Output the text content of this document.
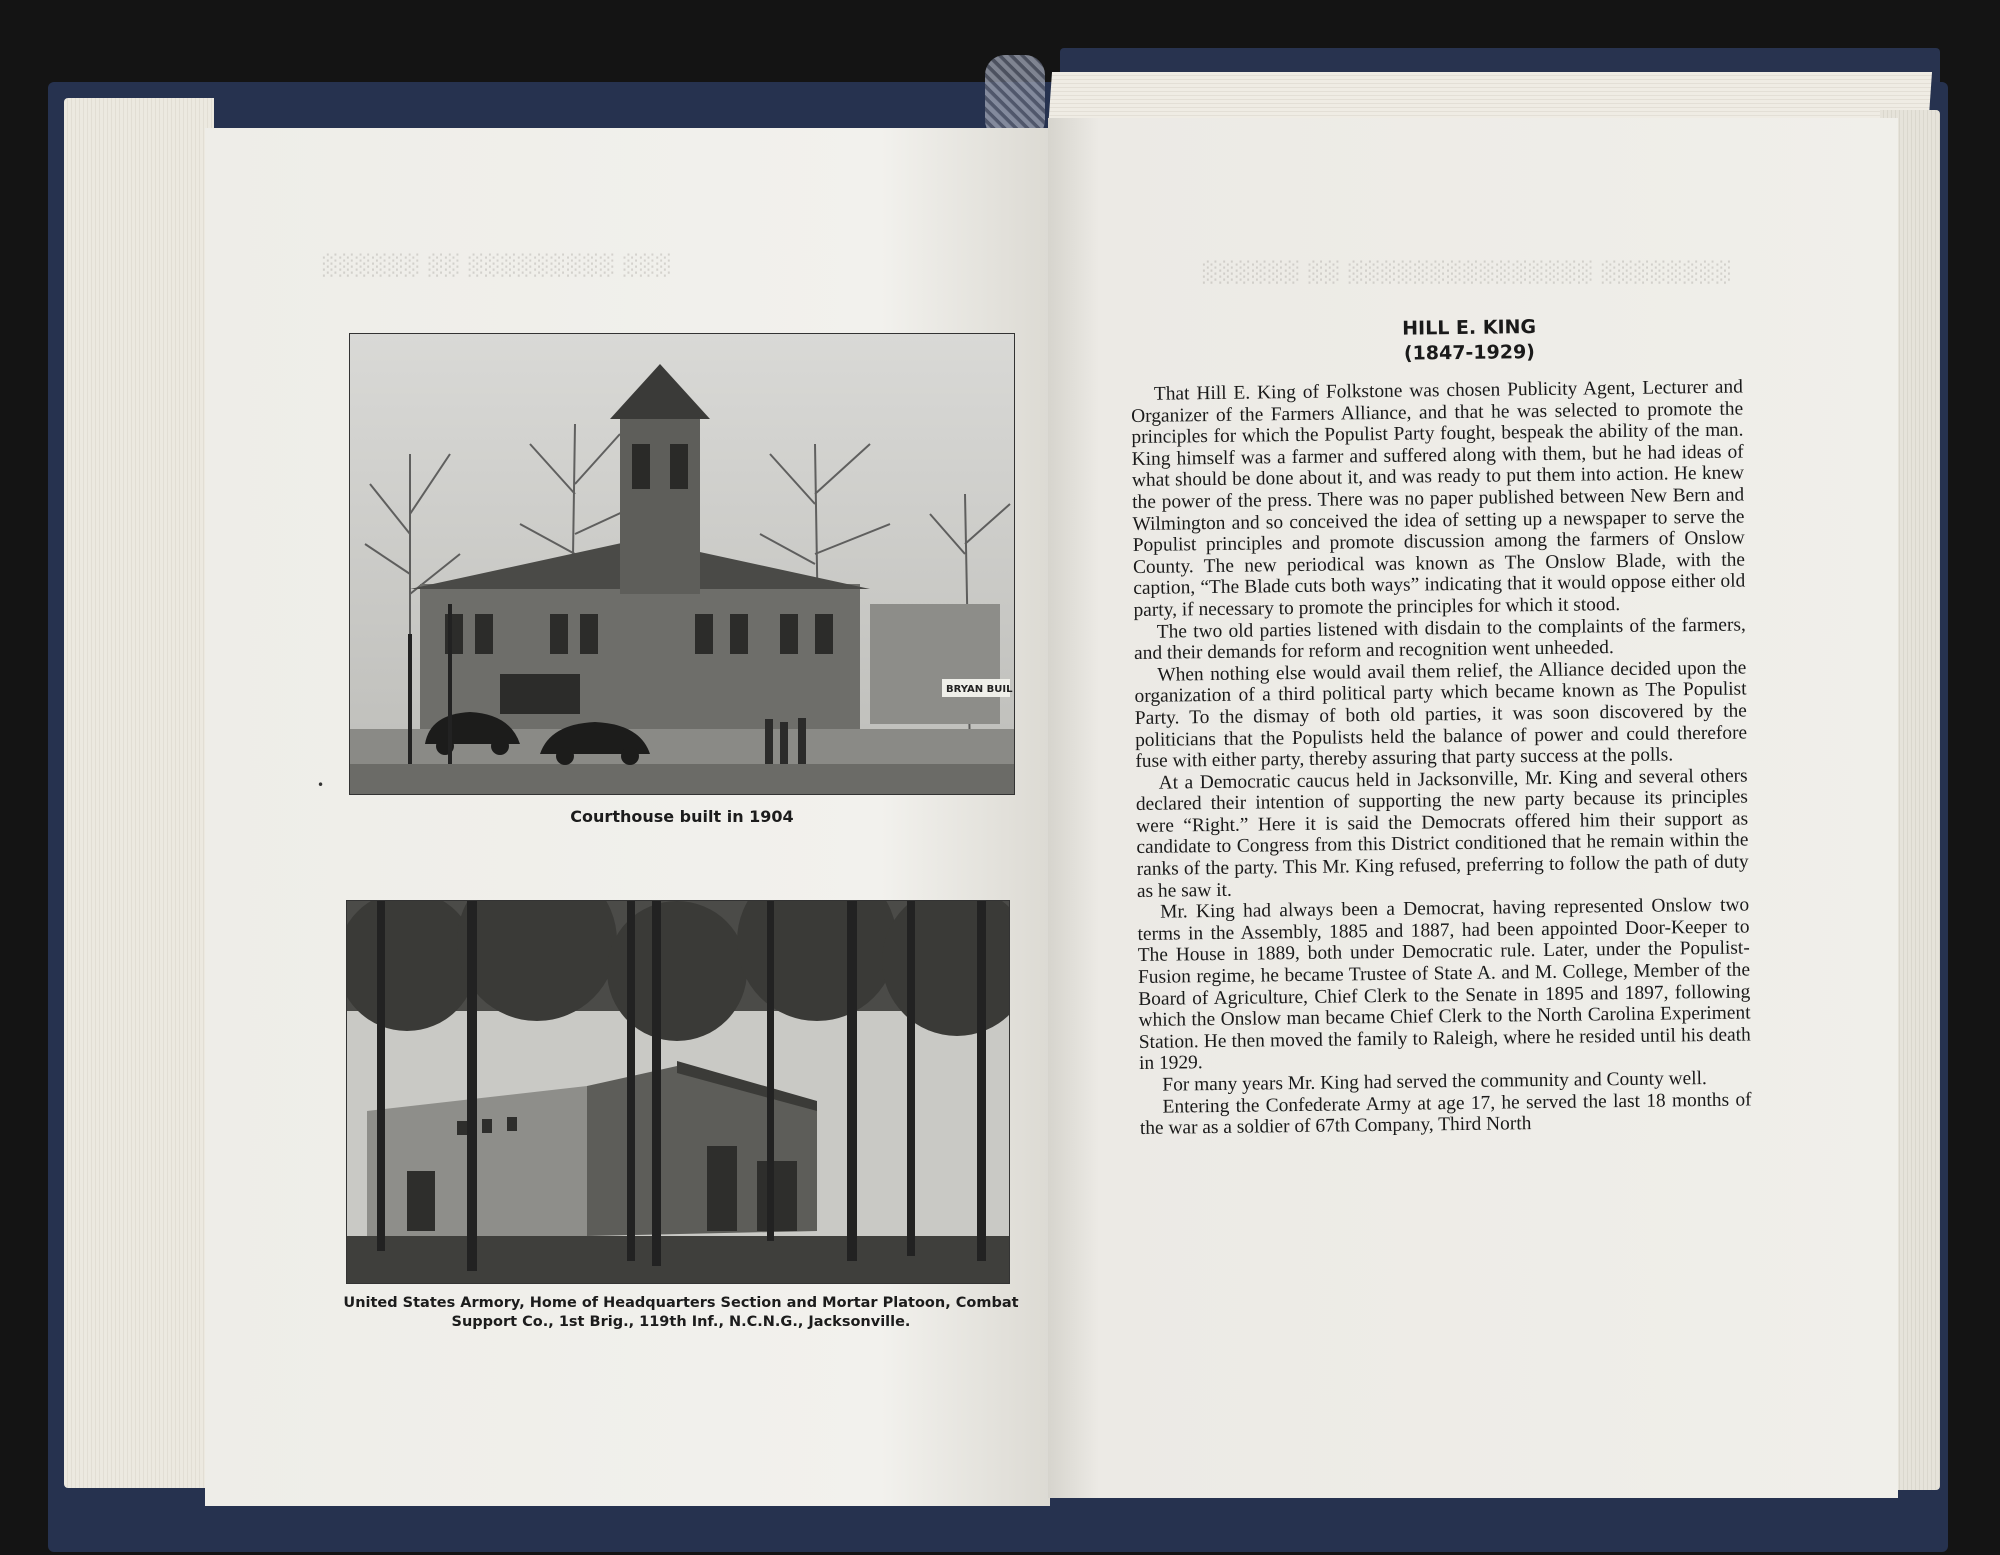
░░░ ░░░░░░░░░ ░░ ░░░░░░
BRYAN BUIL
•
Courthouse built in 1904
United States Armory, Home of Headquarters Section and Mortar Platoon, Combat
Support Co., 1st Brig., 119th Inf., N.C.N.G., Jacksonville.
░░░░░░░░ ░░░░░░░░░░░░░░░ ░░ ░░░░░░
HILL E. KING
(1847-1929)

That Hill E. King of Folkstone was chosen Publicity Agent, Lecturer and Organizer of the Farmers Alliance, and that he was selected to promote the principles for which the Populist Party fought, bespeak the ability of the man. King himself was a farmer and suffered along with them, but he had ideas of what should be done about it, and was ready to put them into action. He knew the power of the press. There was no paper published between New Bern and Wilmington and so conceived the idea of setting up a newspaper to serve the Populist principles and promote discussion among the farmers of Onslow County. The new periodical was known as The Onslow Blade, with the caption, “The Blade cuts both ways” indicating that it would oppose either old party, if necessary to promote the principles for which it stood.

The two old parties listened with disdain to the complaints of the farmers, and their demands for reform and recognition went unheeded.

When nothing else would avail them relief, the Alliance decided upon the organization of a third political party which became known as The Populist Party. To the dismay of both old parties, it was soon discovered by the politicians that the Populists held the balance of power and could therefore fuse with either party, thereby assuring that party success at the polls.

At a Democratic caucus held in Jacksonville, Mr. King and several others declared their intention of supporting the new party because its principles were “Right.” Here it is said the Democrats offered him their support as candidate to Congress from this District conditioned that he remain within the ranks of the party. This Mr. King refused, preferring to follow the path of duty as he saw it.

Mr. King had always been a Democrat, having represented Onslow two terms in the Assembly, 1885 and 1887, had been appointed Door-Keeper to The House in 1889, both under Democratic rule. Later, under the Populist-Fusion regime, he became Trustee of State A. and M. College, Member of the Board of Agriculture, Chief Clerk to the Senate in 1895 and 1897, following which the Onslow man became Chief Clerk to the North Carolina Experiment Station. He then moved the family to Raleigh, where he resided until his death in 1929.

For many years Mr. King had served the community and County well.

Entering the Confederate Army at age 17, he served the last 18 months of the war as a soldier of 67th Company, Third North
